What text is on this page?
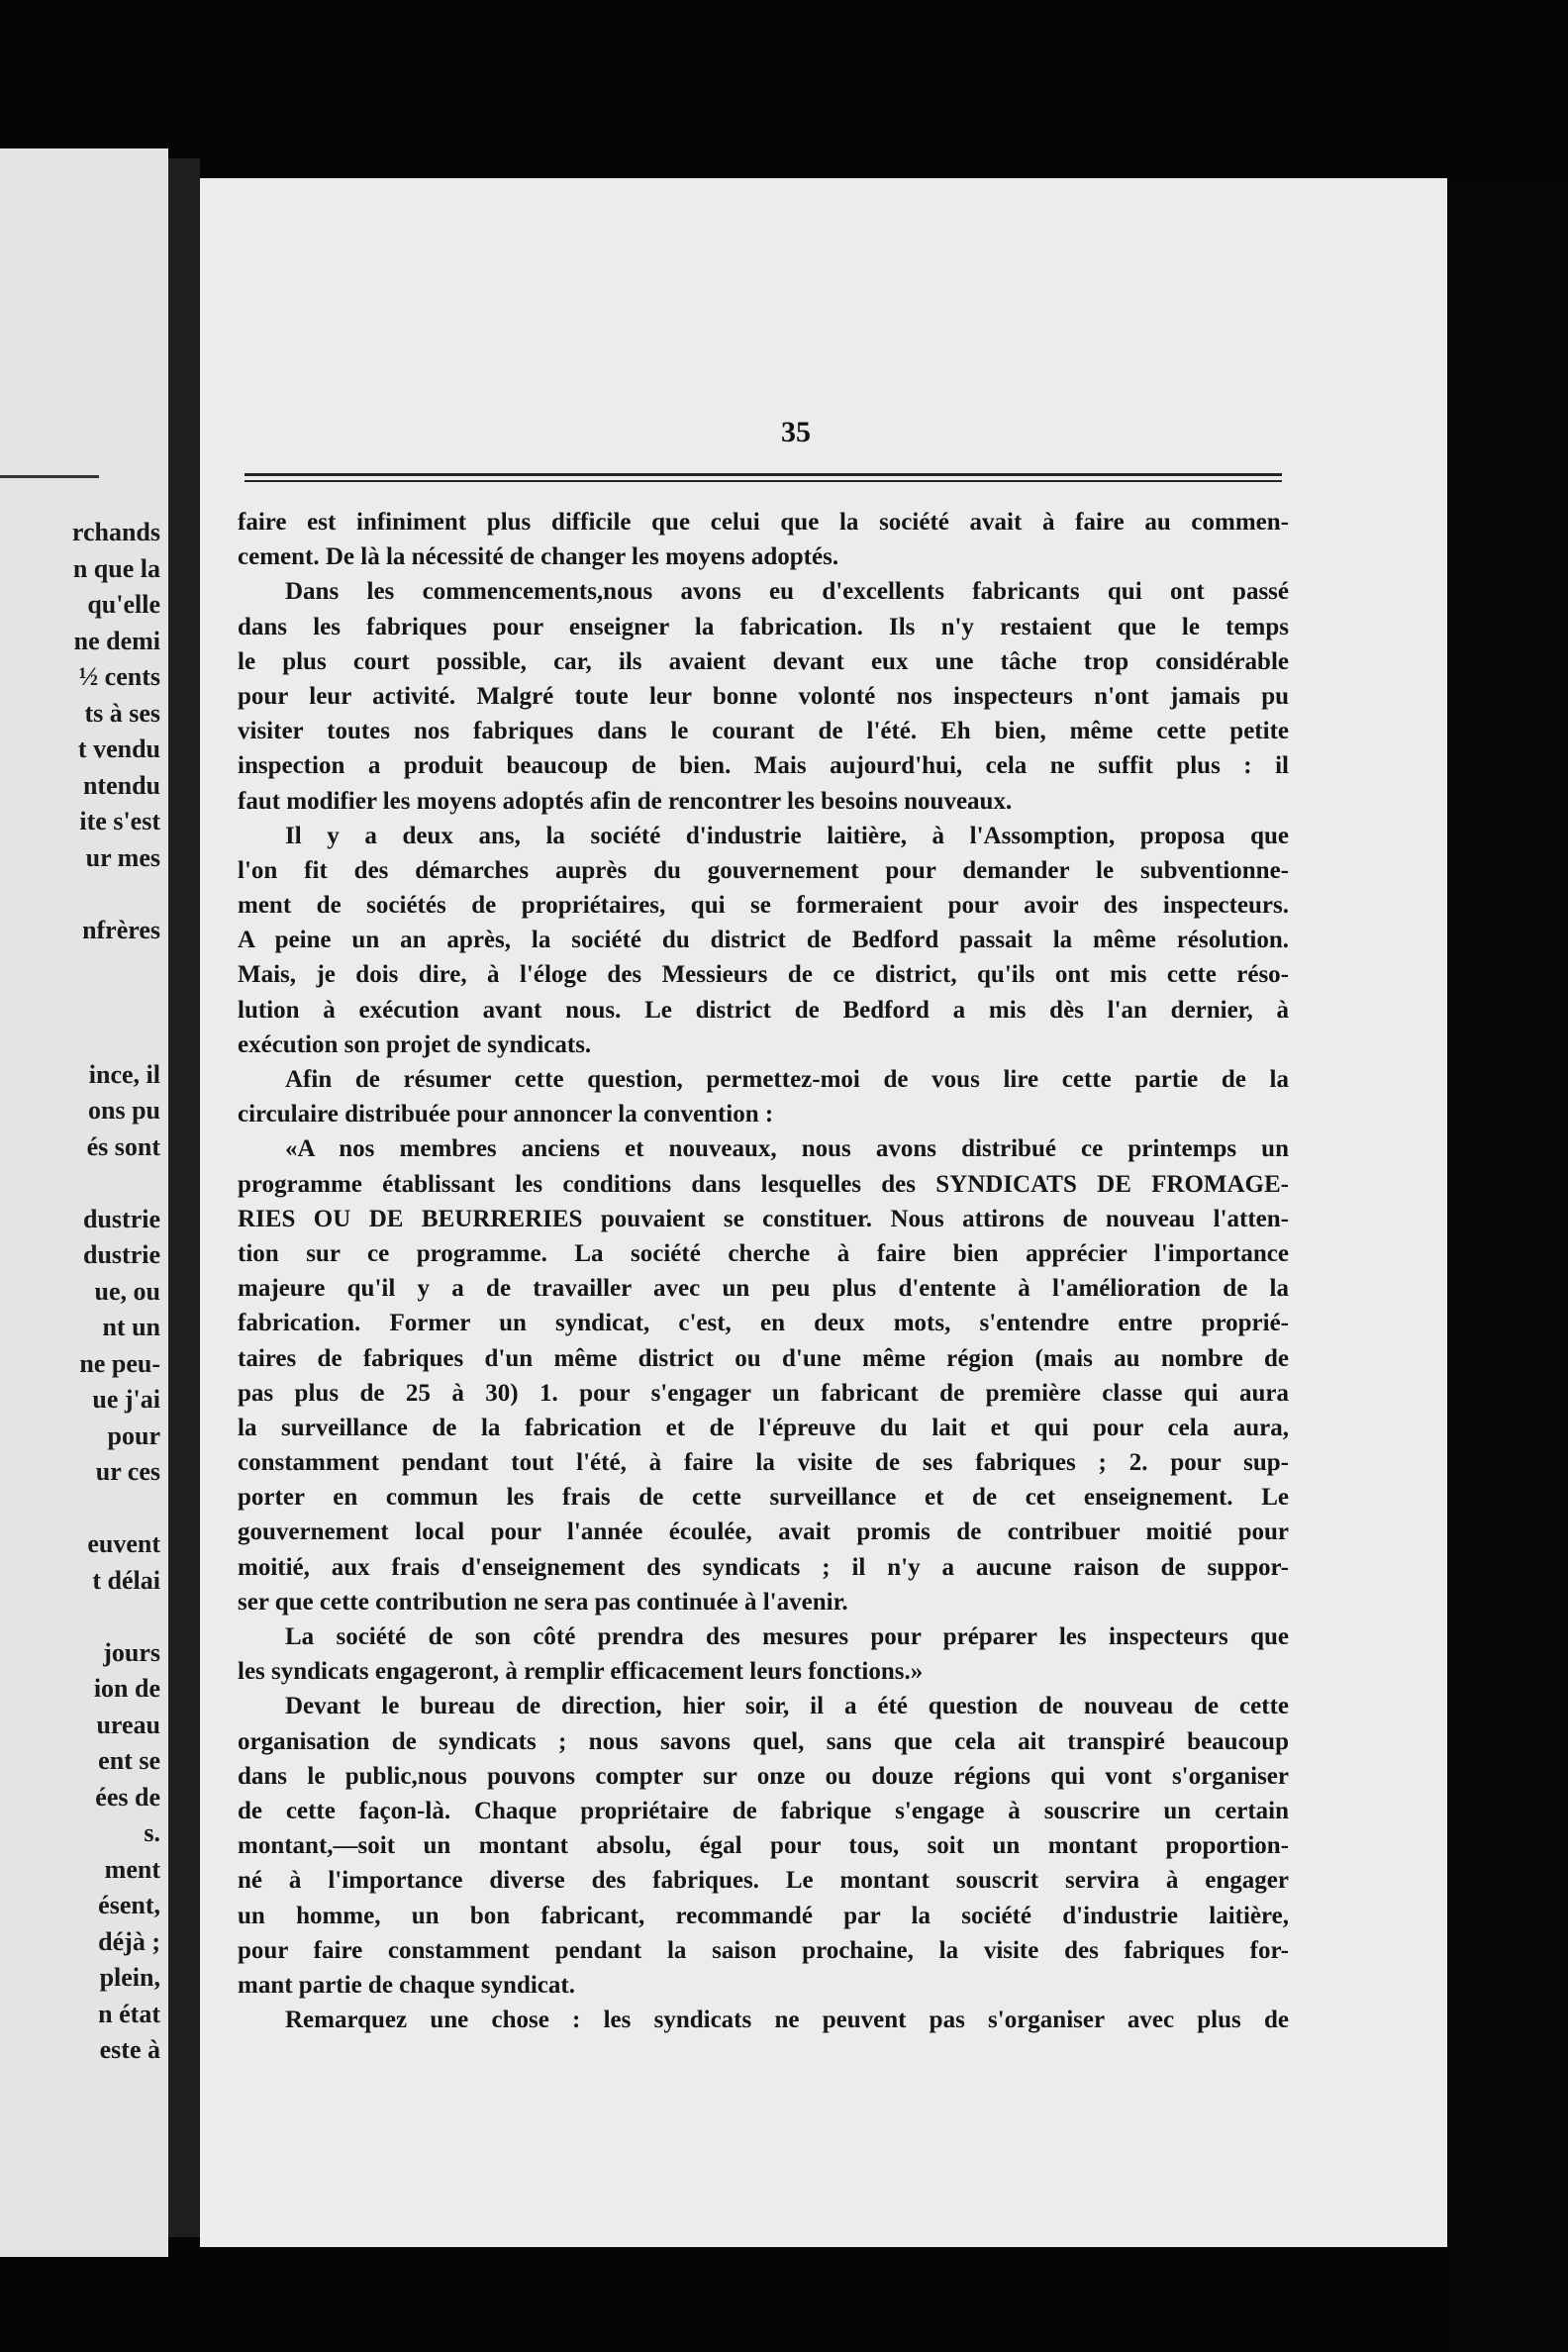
rchands
n que la
qu'elle
ne demi
½ cents
ts à ses
t vendu
ntendu
ite s'est
ur mes
nfrères
ince, il
ons pu
és sont
dustrie
dustrie
ue, ou
nt un
ne peu-
ue j'ai
pour
ur ces
euvent
t délai
jours
ion de
ureau
ent se
ées de
s.
ment
ésent,
déjà ;
plein,
n état
este à
35
faire est infiniment plus difficile que celui que la société avait à faire au commen-
cement. De là la nécessité de changer les moyens adoptés.
Dans les commencements,nous avons eu d'excellents fabricants qui ont passé
dans les fabriques pour enseigner la fabrication. Ils n'y restaient que le temps
le plus court possible, car, ils avaient devant eux une tâche trop considérable
pour leur activité. Malgré toute leur bonne volonté nos inspecteurs n'ont jamais pu
visiter toutes nos fabriques dans le courant de l'été. Eh bien, même cette petite
inspection a produit beaucoup de bien. Mais aujourd'hui, cela ne suffit plus : il
faut modifier les moyens adoptés afin de rencontrer les besoins nouveaux.
Il y a deux ans, la société d'industrie laitière, à l'Assomption, proposa que
l'on fit des démarches auprès du gouvernement pour demander le subventionne-
ment de sociétés de propriétaires, qui se formeraient pour avoir des inspecteurs.
A peine un an après, la société du district de Bedford passait la même résolution.
Mais, je dois dire, à l'éloge des Messieurs de ce district, qu'ils ont mis cette réso-
lution à exécution avant nous. Le district de Bedford a mis dès l'an dernier, à
exécution son projet de syndicats.
Afin de résumer cette question, permettez-moi de vous lire cette partie de la
circulaire distribuée pour annoncer la convention :
«A nos membres anciens et nouveaux, nous avons distribué ce printemps un
programme établissant les conditions dans lesquelles des SYNDICATS DE FROMAGE-
RIES OU DE BEURRERIES pouvaient se constituer. Nous attirons de nouveau l'atten-
tion sur ce programme. La société cherche à faire bien apprécier l'importance
majeure qu'il y a de travailler avec un peu plus d'entente à l'amélioration de la
fabrication. Former un syndicat, c'est, en deux mots, s'entendre entre proprié-
taires de fabriques d'un même district ou d'une même région (mais au nombre de
pas plus de 25 à 30) 1. pour s'engager un fabricant de première classe qui aura
la surveillance de la fabrication et de l'épreuve du lait et qui pour cela aura,
constamment pendant tout l'été, à faire la visite de ses fabriques ; 2. pour sup-
porter en commun les frais de cette surveillance et de cet enseignement. Le
gouvernement local pour l'année écoulée, avait promis de contribuer moitié pour
moitié, aux frais d'enseignement des syndicats ; il n'y a aucune raison de suppor-
ser que cette contribution ne sera pas continuée à l'avenir.
La société de son côté prendra des mesures pour préparer les inspecteurs que
les syndicats engageront, à remplir efficacement leurs fonctions.»
Devant le bureau de direction, hier soir, il a été question de nouveau de cette
organisation de syndicats ; nous savons quel, sans que cela ait transpiré beaucoup
dans le public,nous pouvons compter sur onze ou douze régions qui vont s'organiser
de cette façon-là. Chaque propriétaire de fabrique s'engage à souscrire un certain
montant,—soit un montant absolu, égal pour tous, soit un montant proportion-
né à l'importance diverse des fabriques. Le montant souscrit servira à engager
un homme, un bon fabricant, recommandé par la société d'industrie laitière,
pour faire constamment pendant la saison prochaine, la visite des fabriques for-
mant partie de chaque syndicat.
Remarquez une chose : les syndicats ne peuvent pas s'organiser avec plus de
